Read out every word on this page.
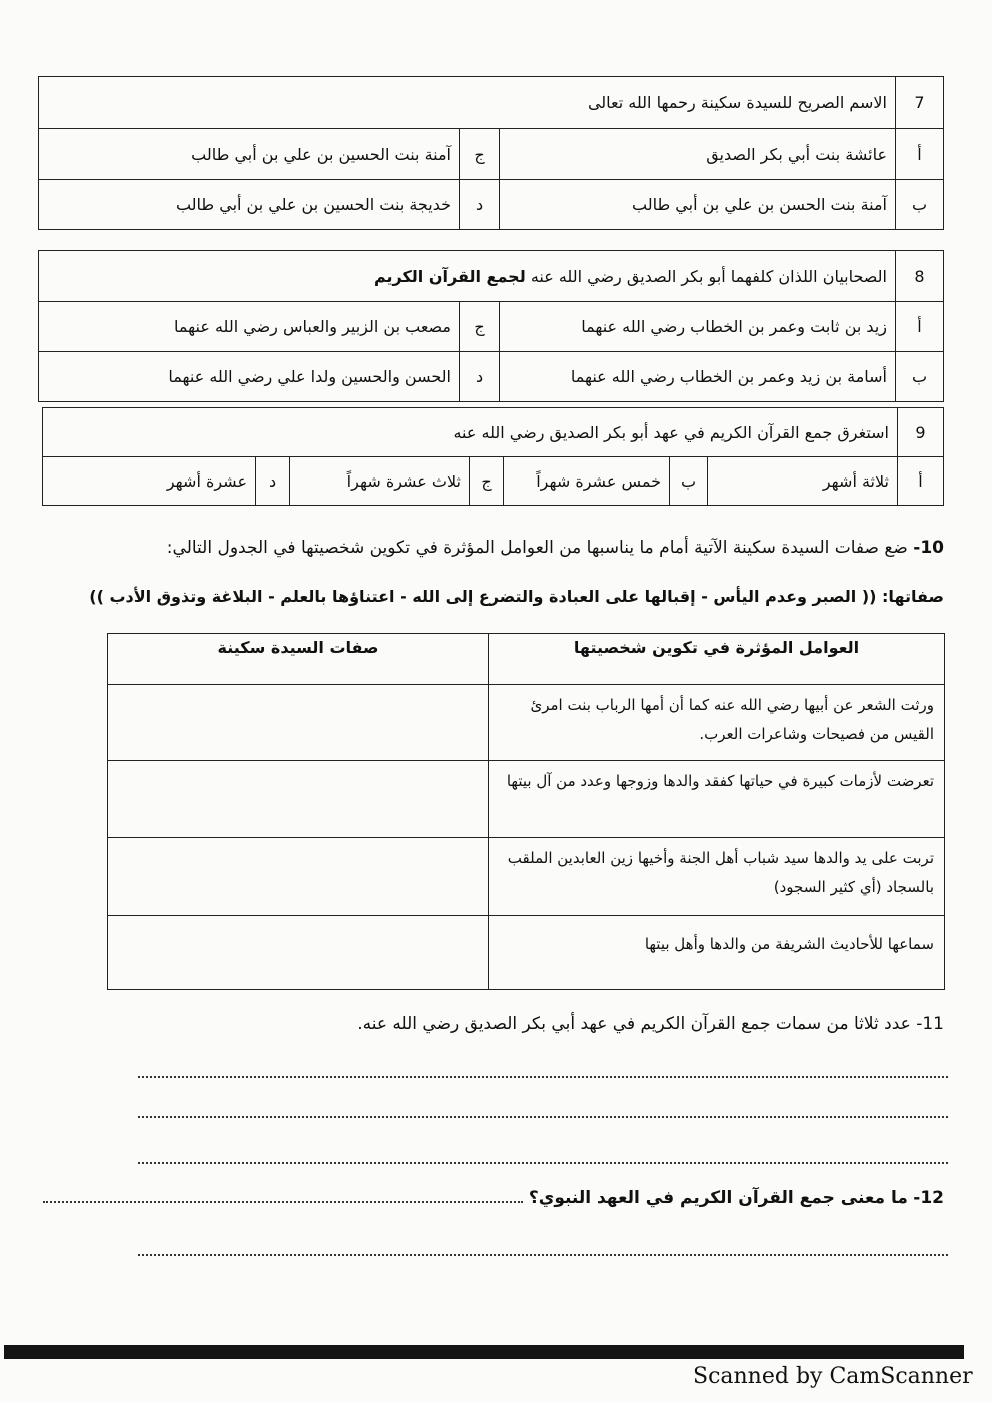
7	الاسم الصريح للسيدة سكينة رحمها الله تعالى		
أ	عائشة بنت أبي بكر الصديق	ج	آمنة بنت الحسين بن علي بن أبي طالب
ب	آمنة بنت الحسن بن علي بن أبي طالب	د	خديجة بنت الحسين بن علي بن أبي طالب
8	الصحابيان اللذان كلفهما أبو بكر الصديق رضي الله عنه لجمع القرآن الكريم		
أ	زيد بن ثابت وعمر بن الخطاب رضي الله عنهما	ج	مصعب بن الزبير والعباس رضي الله عنهما
ب	أسامة بن زيد وعمر بن الخطاب رضي الله عنهما	د	الحسن والحسين ولدا علي رضي الله عنهما
9	استغرق جمع القرآن الكريم في عهد أبو بكر الصديق رضي الله عنه						
أ	ثلاثة أشهر	ب	خمس عشرة شهراً	ج	ثلاث عشرة شهراً	د	عشرة أشهر
10- ضع صفات السيدة سكينة الآتية أمام ما يناسبها من العوامل المؤثرة في تكوين شخصيتها في الجدول التالي:
صفاتها: (( الصبر وعدم اليأس - إقبالها على العبادة والتضرع إلى الله - اعتناؤها بالعلم - البلاغة وتذوق الأدب ))
العوامل المؤثرة في تكوين شخصيتها	صفات السيدة سكينة
ورثت الشعر عن أبيها رضي الله عنه كما أن أمها الرباب بنت امرئ القيس من فصيحات وشاعرات العرب.	
تعرضت لأزمات كبيرة في حياتها كفقد والدها وزوجها وعدد من آل بيتها	
تربت على يد والدها سيد شباب أهل الجنة وأخيها زين العابدين الملقب بالسجاد (أي كثير السجود)	
سماعها للأحاديث الشريفة من والدها وأهل بيتها	
11- عدد ثلاثا من سمات جمع القرآن الكريم في عهد أبي بكر الصديق رضي الله عنه.
12- ما معنى جمع القرآن الكريم في العهد النبوي؟
Scanned by CamScanner
